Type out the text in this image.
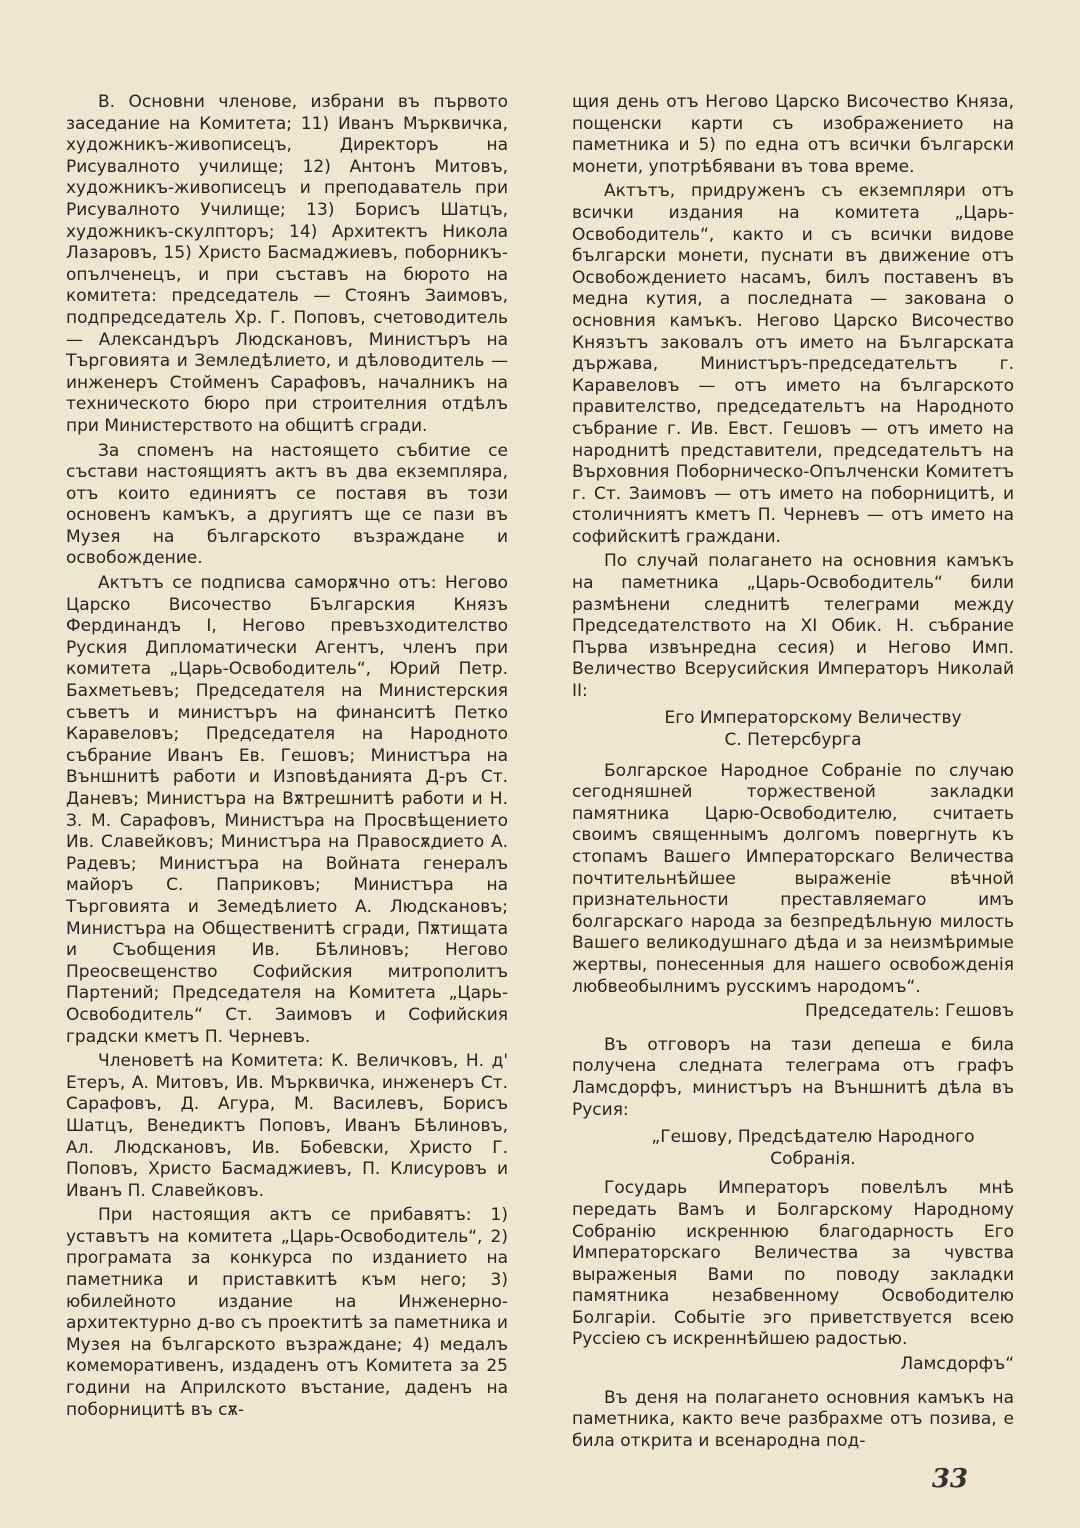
В. Основни членове, избрани въ първото заседание на Комитета; 11) Иванъ Мърквичка, художникъ-живописецъ, Директоръ на Рисувалното училище; 12) Антонъ Митовъ, художникъ-живописецъ и преподаватель при Рисувалното Училище; 13) Борисъ Шатцъ, художникъ-скулпторъ; 14) Архитектъ Никола Лазаровъ, 15) Христо Басмаджиевъ, поборникъ-опълченецъ, и при съставъ на бюрото на комитета: председатель — Стоянъ Заимовъ, подпредседатель Хр. Г. Поповъ, счетоводитель — Александъръ Людскановъ, Министъръ на Търговията и Земледѣлието, и дѣловодитель — инженеръ Стойменъ Сарафовъ, началникъ на техническото бюро при строителния отдѣлъ при Министерството на общитѣ сгради.

За споменъ на настоящето събитие се състави настоящиятъ актъ въ два екземпляра, отъ които единиятъ се поставя въ този основенъ камъкъ, а другиятъ ще се пази въ Музея на българското възраждане и освобождение.

Актътъ се подписва саморѫчно отъ: Негово Царско Височество Българския Князъ Фердинандъ I, Негово превъзходителство Руския Дипломатически Агентъ, членъ при комитета „Царь-Освободитель“, Юрий Петр. Бахметьевъ; Председателя на Министерския съветъ и министъръ на финанситѣ Петко Каравеловъ; Председателя на Народното събрание Иванъ Ев. Гешовъ; Министъра на Външнитѣ работи и Изповѣданията Д-ръ Ст. Даневъ; Министъра на Вѫтрешнитѣ работи и Н. З. М. Сарафовъ, Министъра на Просвѣщението Ив. Славейковъ; Министъра на Правосѫдието А. Радевъ; Министъра на Войната генералъ майоръ С. Паприковъ; Министъра на Търговията и Земедѣлието А. Людскановъ; Министъра на Общественитѣ сгради, Пѫтищата и Съобщения Ив. Бѣлиновъ; Негово Преосвещенство Софийския митрополитъ Партений; Председателя на Комитета „Царь-Освободитель“ Ст. Заимовъ и Софийския градски кметъ П. Черневъ.

Членоветѣ на Комитета: К. Величковъ, Н. д' Етеръ, А. Митовъ, Ив. Мърквичка, инженеръ Ст. Сарафовъ, Д. Агура, М. Василевъ, Борисъ Шатцъ, Венедиктъ Поповъ, Иванъ Бѣлиновъ, Ал. Людскановъ, Ив. Бобевски, Христо Г. Поповъ, Христо Басмаджиевъ, П. Клисуровъ и Иванъ П. Славейковъ.

При настоящия актъ се прибавятъ: 1) уставътъ на комитета „Царь-Освободитель“, 2) програмата за конкурса по изданието на паметника и приставкитѣ към него; 3) юбилейното издание на Инженерно-архитектурно д-во съ проектитѣ за паметника и Музея на българското възраждане; 4) медалъ комеморативенъ, издаденъ отъ Комитета за 25 години на Априлското въстание, даденъ на поборницитѣ въ сѫ-

щия день отъ Негово Царско Височество Княза, пощенски карти съ изображението на паметника и 5) по една отъ всички български монети, употрѣбявани въ това време.

Актътъ, придруженъ съ екземпляри отъ всички издания на комитета „Царь-Освободитель“, както и съ всички видове български монети, пуснати въ движение отъ Освобождението насамъ, билъ поставенъ въ медна кутия, а последната — закована о основния камъкъ. Негово Царско Височество Князътъ заковалъ отъ името на Българската държава, Министъръ-председательтъ г. Каравеловъ — отъ името на българското правителство, председательтъ на Народното събрание г. Ив. Евст. Гешовъ — отъ името на народнитѣ представители, председательтъ на Върховния Поборническо-Опълченски Комитетъ г. Ст. Заимовъ — отъ името на поборницитѣ, и столичниятъ кметъ П. Черневъ — отъ името на софийскитѣ граждани.

По случай полагането на основния камъкъ на паметника „Царь-Освободитель“ били размѣнени следнитѣ телеграми между Председателството на XI Обик. Н. събрание Първа извънредна сесия) и Негово Имп. Величество Всерусийския Императоръ Николай II:

Его Императорскому Величеству
С. Петерсбурга

Болгарское Народное Собраніе по случаю сегодняшней торжественой закладки памятника Царю-Освободителю, считаеть своимъ священнымъ долгомъ повергнуть къ стопамъ Вашего Императорскаго Величества почтительнѣйшее выраженіе вѣчной признательности преставляемаго имъ болгарскаго народа за безпредѣльную милость Вашего великодушнаго дѣда и за неизмѣримые жертвы, понесенныя для нашего освобожденія любвеобылнимъ русскимъ народомъ“.

Председатель: Гешовъ

Въ отговоръ на тази депеша е била получена следната телеграма отъ графъ Ламсдорфъ, министъръ на Външнитѣ дѣла въ Русия:

„Гешову, Предсѣдателю Народного Собранія.

Государь Императоръ повелѣлъ мнѣ передать Вамъ и Болгарскому Народному Собранію искреннюю благодарность Его Императорскаго Величества за чувства выраженыя Вами по поводу закладки памятника незабвенному Освободителю Болгаріи. Событіе эго приветствуется всею Руссіею съ искреннѣйшею радостью.

Ламсдорфъ“

Въ деня на полагането основния камъкъ на паметника, както вече разбрахме отъ позива, е била открита и всенародна под-

33
